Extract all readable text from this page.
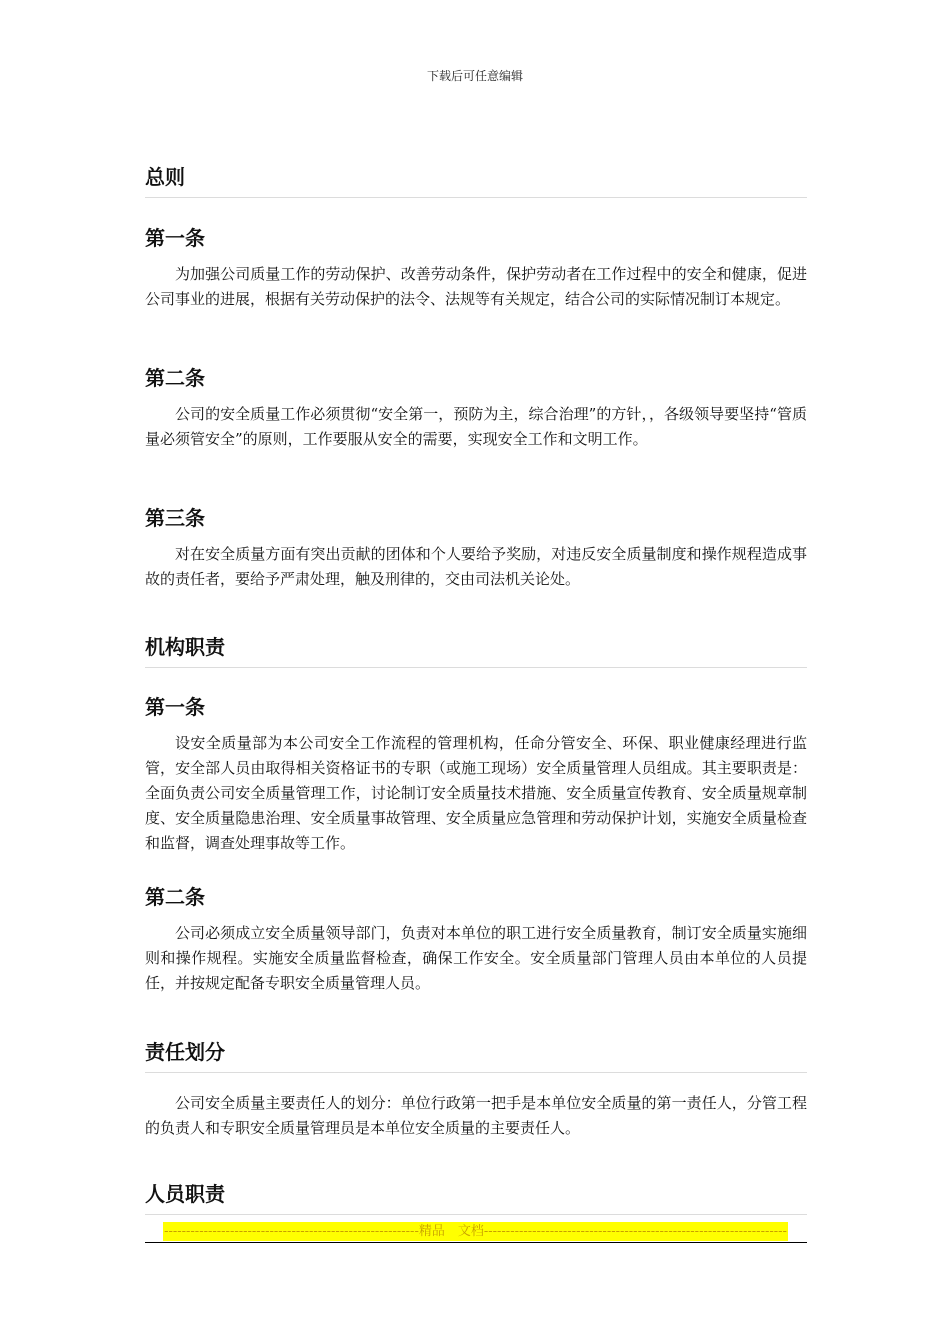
下载后可任意编辑
总则
第一条

为加强公司质量工作的劳动保护、改善劳动条件，保护劳动者在工作过程中的安全和健康，促进公司事业的进展，根据有关劳动保护的法令、法规等有关规定，结合公司的实际情况制订本规定。

第二条

公司的安全质量工作必须贯彻“安全第一，预防为主，综合治理”的方针，，各级领导要坚持“管质量必须管安全”的原则，工作要服从安全的需要，实现安全工作和文明工作。

第三条

对在安全质量方面有突出贡献的团体和个人要给予奖励，对违反安全质量制度和操作规程造成事故的责任者，要给予严肃处理，触及刑律的，交由司法机关论处。

机构职责
第一条

设安全质量部为本公司安全工作流程的管理机构，任命分管安全、环保、职业健康经理进行监管，安全部人员由取得相关资格证书的专职（或施工现场）安全质量管理人员组成。其主要职责是：全面负责公司安全质量管理工作，讨论制订安全质量技术措施、安全质量宣传教育、安全质量规章制度、安全质量隐患治理、安全质量事故管理、安全质量应急管理和劳动保护计划，实施安全质量检查和监督，调查处理事故等工作。

第二条

公司必须成立安全质量领导部门，负责对本单位的职工进行安全质量教育，制订安全质量实施细则和操作规程。实施安全质量监督检查，确保工作安全。安全质量部门管理人员由本单位的人员提任，并按规定配备专职安全质量管理人员。

责任划分

公司安全质量主要责任人的划分：单位行政第一把手是本单位安全质量的第一责任人，分管工程的负责人和专职安全质量管理员是本单位安全质量的主要责任人。

人员职责
----------------------------------------------------------精品　文档---------------------------------------------------------------------
